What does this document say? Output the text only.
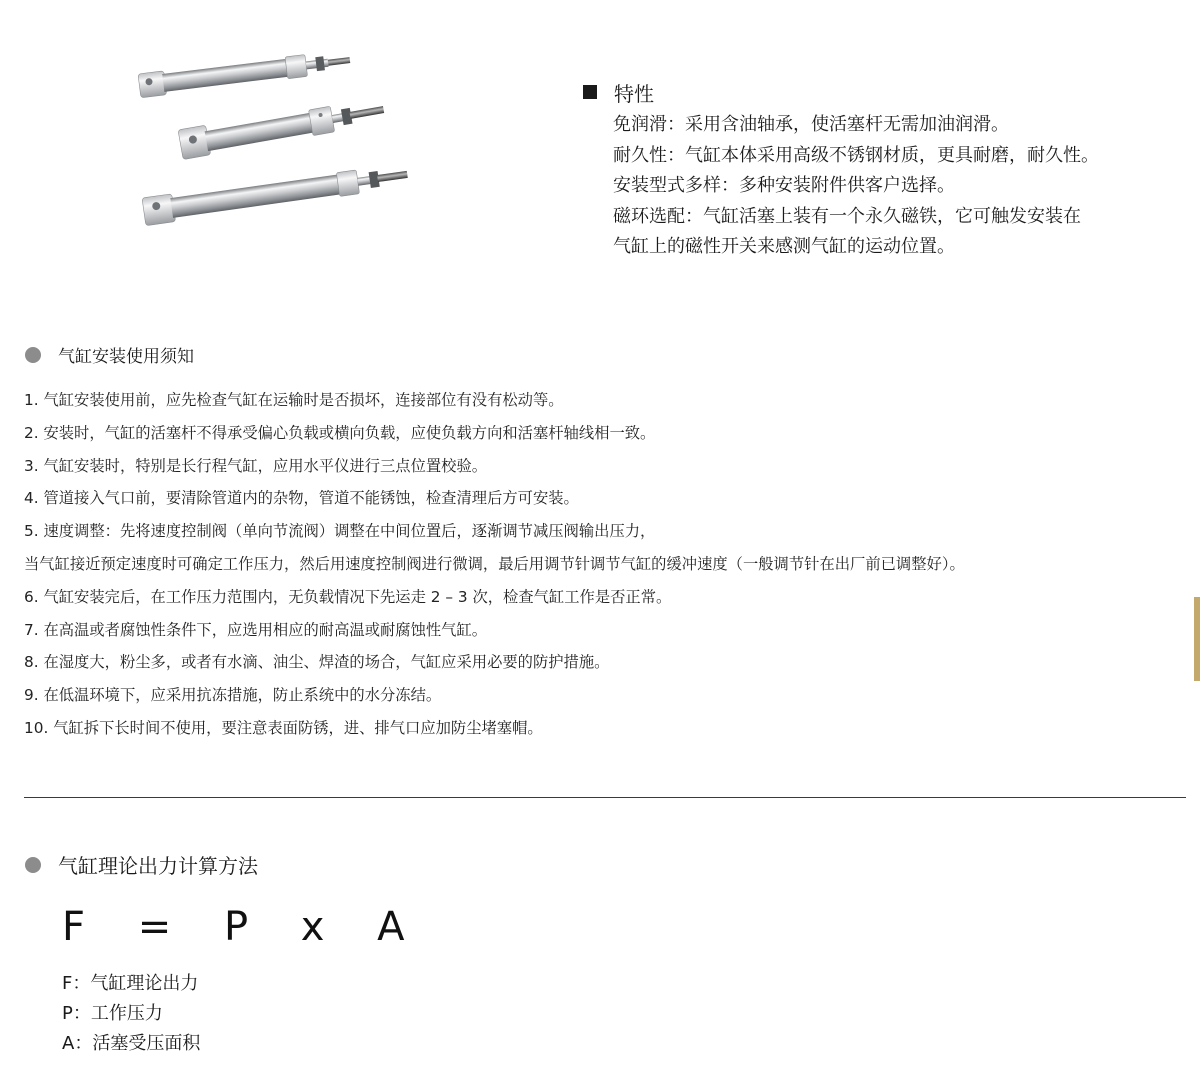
特性
免润滑：采用含油轴承，使活塞杆无需加油润滑。
耐久性：气缸本体采用高级不锈钢材质，更具耐磨，耐久性。
安装型式多样：多种安装附件供客户选择。
磁环选配：气缸活塞上装有一个永久磁铁，它可触发安装在
气缸上的磁性开关来感测气缸的运动位置。
气缸安装使用须知
1. 气缸安装使用前，应先检查气缸在运输时是否损坏，连接部位有没有松动等。
2. 安装时，气缸的活塞杆不得承受偏心负载或横向负载，应使负载方向和活塞杆轴线相一致。
3. 气缸安装时，特别是长行程气缸，应用水平仪进行三点位置校验。
4. 管道接入气口前，要清除管道内的杂物，管道不能锈蚀，检查清理后方可安装。
5. 速度调整：先将速度控制阀（单向节流阀）调整在中间位置后，逐渐调节减压阀输出压力，
当气缸接近预定速度时可确定工作压力，然后用速度控制阀进行微调，最后用调节针调节气缸的缓冲速度（一般调节针在出厂前已调整好）。
6. 气缸安装完后，在工作压力范围内，无负载情况下先运走 2 – 3 次，检查气缸工作是否正常。
7. 在高温或者腐蚀性条件下，应选用相应的耐高温或耐腐蚀性气缸。
8. 在湿度大，粉尘多，或者有水滴、油尘、焊渣的场合，气缸应采用必要的防护措施。
9. 在低温环境下，应采用抗冻措施，防止系统中的水分冻结。
10. 气缸拆下长时间不使用，要注意表面防锈，进、排气口应加防尘堵塞帽。
气缸理论出力计算方法
F = P x A
F：气缸理论出力
P：工作压力
A：活塞受压面积
